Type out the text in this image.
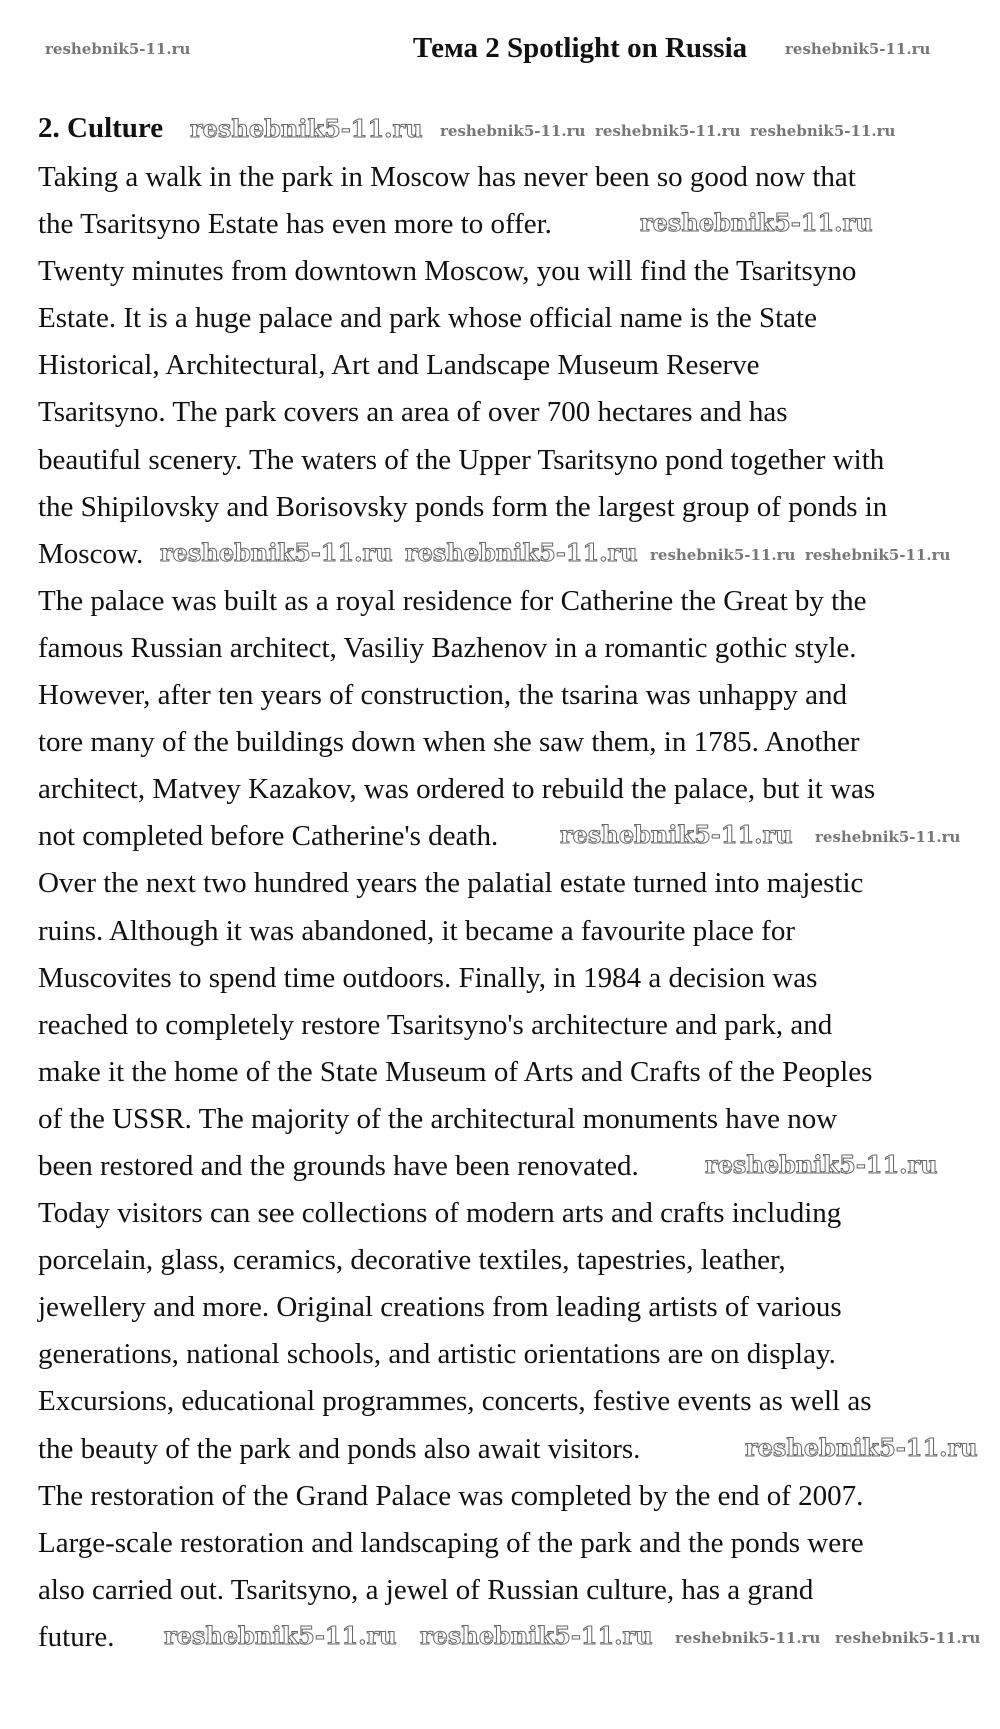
Тема 2 Spotlight on Russia
2. Culture
Taking a walk in the park in Moscow has never been so good now that
the Tsaritsyno Estate has even more to offer.
Twenty minutes from downtown Moscow, you will find the Tsaritsyno
Estate. It is a huge palace and park whose official name is the State
Historical, Architectural, Art and Landscape Museum Reserve
Tsaritsyno. The park covers an area of over 700 hectares and has
beautiful scenery. The waters of the Upper Tsaritsyno pond together with
the Shipilovsky and Borisovsky ponds form the largest group of ponds in
Moscow.
The palace was built as a royal residence for Catherine the Great by the
famous Russian architect, Vasiliy Bazhenov in a romantic gothic style.
However, after ten years of construction, the tsarina was unhappy and
tore many of the buildings down when she saw them, in 1785. Another
architect, Matvey Kazakov, was ordered to rebuild the palace, but it was
not completed before Catherine's death.
Over the next two hundred years the palatial estate turned into majestic
ruins. Although it was abandoned, it became a favourite place for
Muscovites to spend time outdoors. Finally, in 1984 a decision was
reached to completely restore Tsaritsyno's architecture and park, and
make it the home of the State Museum of Arts and Crafts of the Peoples
of the USSR. The majority of the architectural monuments have now
been restored and the grounds have been renovated.
Today visitors can see collections of modern arts and crafts including
porcelain, glass, ceramics, decorative textiles, tapestries, leather,
jewellery and more. Original creations from leading artists of various
generations, national schools, and artistic orientations are on display.
Excursions, educational programmes, concerts, festive events as well as
the beauty of the park and ponds also await visitors.
The restoration of the Grand Palace was completed by the end of 2007.
Large-scale restoration and landscaping of the park and the ponds were
also carried out. Tsaritsyno, a jewel of Russian culture, has a grand
future.
reshebnik5-11.ru
reshebnik5-11.ru
reshebnik5-11.ru reshebnik5-11.ru reshebnik5-11.ru reshebnik5-11.ru
reshebnik5-11.ru
reshebnik5-11.ru reshebnik5-11.ru reshebnik5-11.ru reshebnik5-11.ru
reshebnik5-11.ru reshebnik5-11.ru
reshebnik5-11.ru
reshebnik5-11.ru
reshebnik5-11.ru reshebnik5-11.ru reshebnik5-11.ru reshebnik5-11.ru
